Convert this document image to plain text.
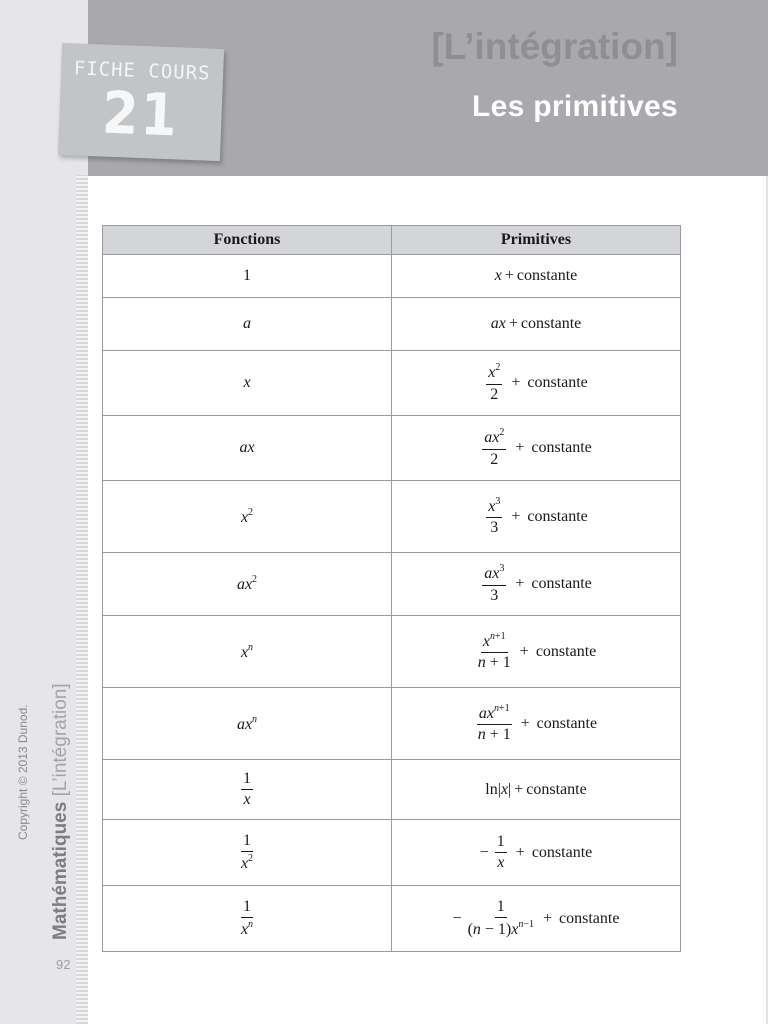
FICHE COURS
21
[L’intégration]
Les primitives
Copyright © 2013 Dunod.
Mathématiques [L’intégration]
92
Fonctions	Primitives
1	x + constante
a	ax + constante
x	$\frac{x^2}{2}$ + constante

ax	$\frac{ax^2}{2}$ + constante

$x^2$	$\frac{x^3}{3}$ + constante

$ax^2$	$\frac{ax^3}{3}$ + constante

$x^n$	$\frac{x^{n+1}}{n + 1}$ + constante

$ax^n$	$\frac{ax^{n+1}}{n + 1}$ + constante

$\frac{1}{x}$	ln|x| + constante

$\frac{1}{x^2}$	− $\frac{1}{x}$ + constante

$\frac{1}{x^n}$	− $\frac{1}{(n - 1)x^{n-1}}$ + constante
